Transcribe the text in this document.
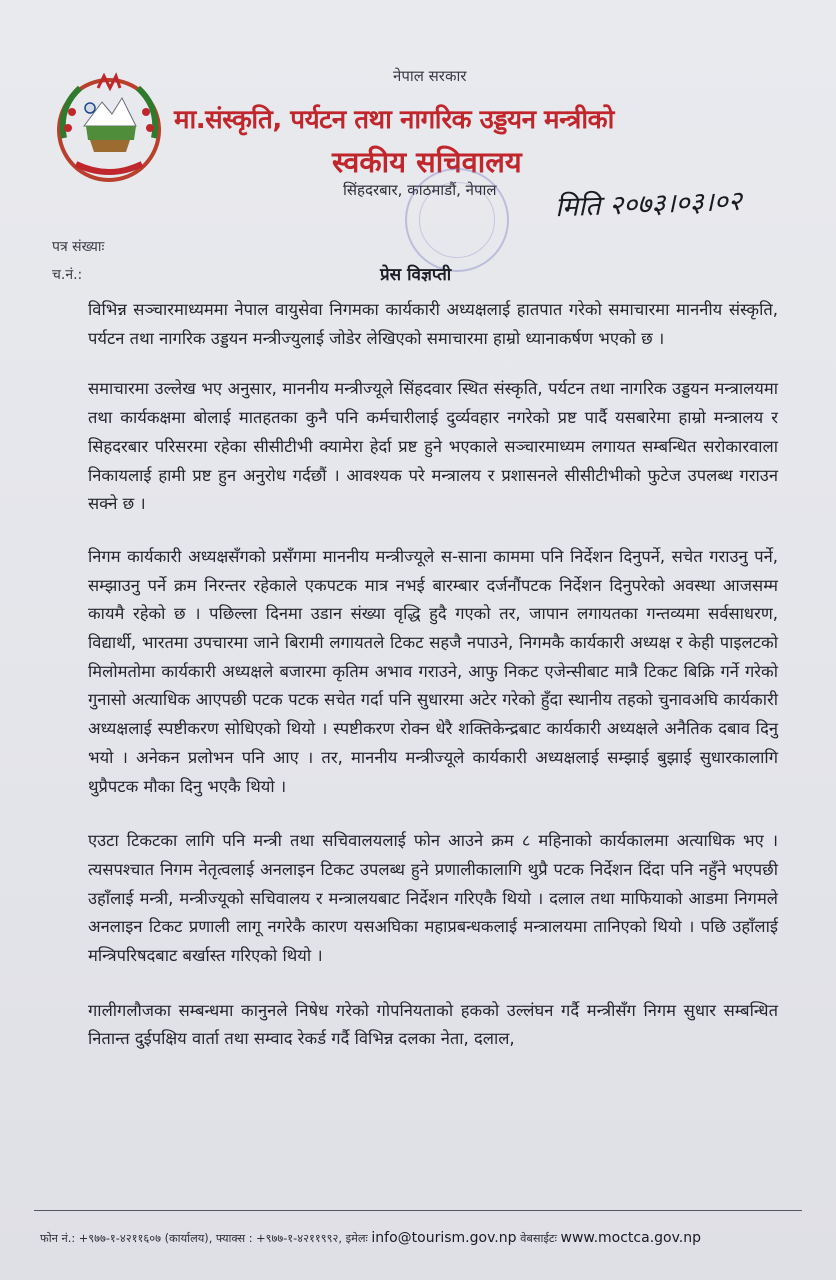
नेपाल सरकार
मा.संस्कृति, पर्यटन तथा नागरिक उड्डयन मन्त्रीको
स्वकीय सचिवालय
सिंहदरबार, काठमाडौं, नेपाल मिति २०७३।०३।०२
पत्र संख्याः
च.नं.:	प्रेस विज्ञप्ती

विभिन्न सञ्चारमाध्यममा नेपाल वायुसेवा निगमका कार्यकारी अध्यक्षलाई हातपात गरेको समाचारमा माननीय संस्कृति, पर्यटन तथा नागरिक उड्डयन मन्त्रीज्युलाई जोडेर लेखिएको समाचारमा हाम्रो ध्यानाकर्षण भएको छ ।

समाचारमा उल्लेख भए अनुसार, माननीय मन्त्रीज्यूले सिंहदवार स्थित संस्कृति, पर्यटन तथा नागरिक उड्डयन मन्त्रालयमा तथा कार्यकक्षमा बोलाई मातहतका कुनै पनि कर्मचारीलाई दुर्व्यवहार नगरेको प्रष्ट पार्दै यसबारेमा हाम्रो मन्त्रालय र सिहदरबार परिसरमा रहेका सीसीटीभी क्यामेरा हेर्दा प्रष्ट हुने भएकाले सञ्चारमाध्यम लगायत सम्बन्धित सरोकारवाला निकायलाई हामी प्रष्ट हुन अनुरोध गर्दछौं । आवश्यक परे मन्त्रालय र प्रशासनले सीसीटीभीको फुटेज उपलब्ध गराउन सक्ने छ ।

निगम कार्यकारी अध्यक्षसँगको प्रसँगमा माननीय मन्त्रीज्यूले स-साना काममा पनि निर्देशन दिनुपर्ने, सचेत गराउनु पर्ने, सम्झाउनु पर्ने क्रम निरन्तर रहेकाले एकपटक मात्र नभई बारम्बार दर्जनौंपटक निर्देशन दिनुपरेको अवस्था आजसम्म कायमै रहेको छ । पछिल्ला दिनमा उडान संख्या वृद्धि हुदै गएको तर, जापान लगायतका गन्तव्यमा सर्वसाधरण, विद्यार्थी, भारतमा उपचारमा जाने बिरामी लगायतले टिकट सहजै नपाउने, निगमकै कार्यकारी अध्यक्ष र केही पाइलटको मिलोमतोमा कार्यकारी अध्यक्षले बजारमा कृतिम अभाव गराउने, आफु निकट एजेन्सीबाट मात्रै टिकट बिक्रि गर्ने गरेको गुनासो अत्याधिक आएपछी पटक पटक सचेत गर्दा पनि सुधारमा अटेर गरेको हुँदा स्थानीय तहको चुनावअघि कार्यकारी अध्यक्षलाई स्पष्टीकरण सोधिएको थियो । स्पष्टीकरण रोक्न धेरै शक्तिकेन्द्रबाट कार्यकारी अध्यक्षले अनैतिक दबाव दिनु भयो । अनेकन प्रलोभन पनि आए । तर, माननीय मन्त्रीज्यूले कार्यकारी अध्यक्षलाई सम्झाई बुझाई सुधारकालागि थुप्रैपटक मौका दिनु भएकै थियो ।

एउटा टिकटका लागि पनि मन्त्री तथा सचिवालयलाई फोन आउने क्रम ८ महिनाको कार्यकालमा अत्याधिक भए । त्यसपश्चात निगम नेतृत्वलाई अनलाइन टिकट उपलब्ध हुने प्रणालीकालागि थुप्रै पटक निर्देशन दिंदा पनि नहुँने भएपछी उहाँलाई मन्त्री, मन्त्रीज्यूको सचिवालय र मन्त्रालयबाट निर्देशन गरिएकै थियो । दलाल तथा माफियाको आडमा निगमले अनलाइन टिकट प्रणाली लागू नगरेकै कारण यसअघिका महाप्रबन्धकलाई मन्त्रालयमा तानिएको थियो । पछि उहाँलाई मन्त्रिपरिषदबाट बर्खास्त गरिएको थियो ।

गालीगलौजका सम्बन्धमा कानुनले निषेध गरेको गोपनियताको हकको उल्लंघन गर्दै मन्त्रीसँग निगम सुधार सम्बन्धित नितान्त दुईपक्षिय वार्ता तथा सम्वाद रेकर्ड गर्दै विभिन्न दलका नेता, दलाल,

फोन नं.: +९७७-१-४२११६०७ (कार्यालय), फ्याक्स : +९७७-१-४२११९९२, इमेलः info@tourism.gov.np वेबसाईटः www.moctca.gov.np
